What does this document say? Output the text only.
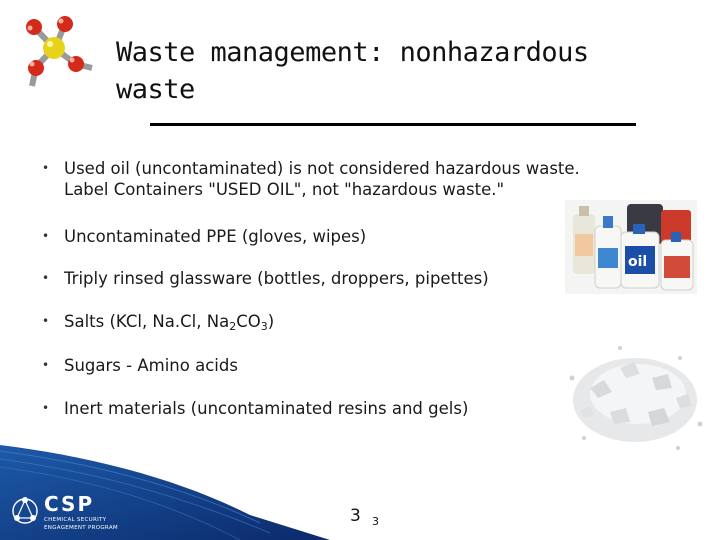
Waste management: nonhazardous
waste
• Used oil (uncontaminated) is not considered hazardous waste.
Label Containers "USED OIL", not "hazardous waste."
• Uncontaminated PPE (gloves, wipes)
• Triply rinsed glassware (bottles, droppers, pipettes)
• Salts (KCl, Na.Cl, $Na_2CO_3$)
• Sugars - Amino acids
• Inert materials (uncontaminated resins and gels)
oil
CSP
CHEMICAL SECURITY
ENGAGEMENT PROGRAM
3 3
